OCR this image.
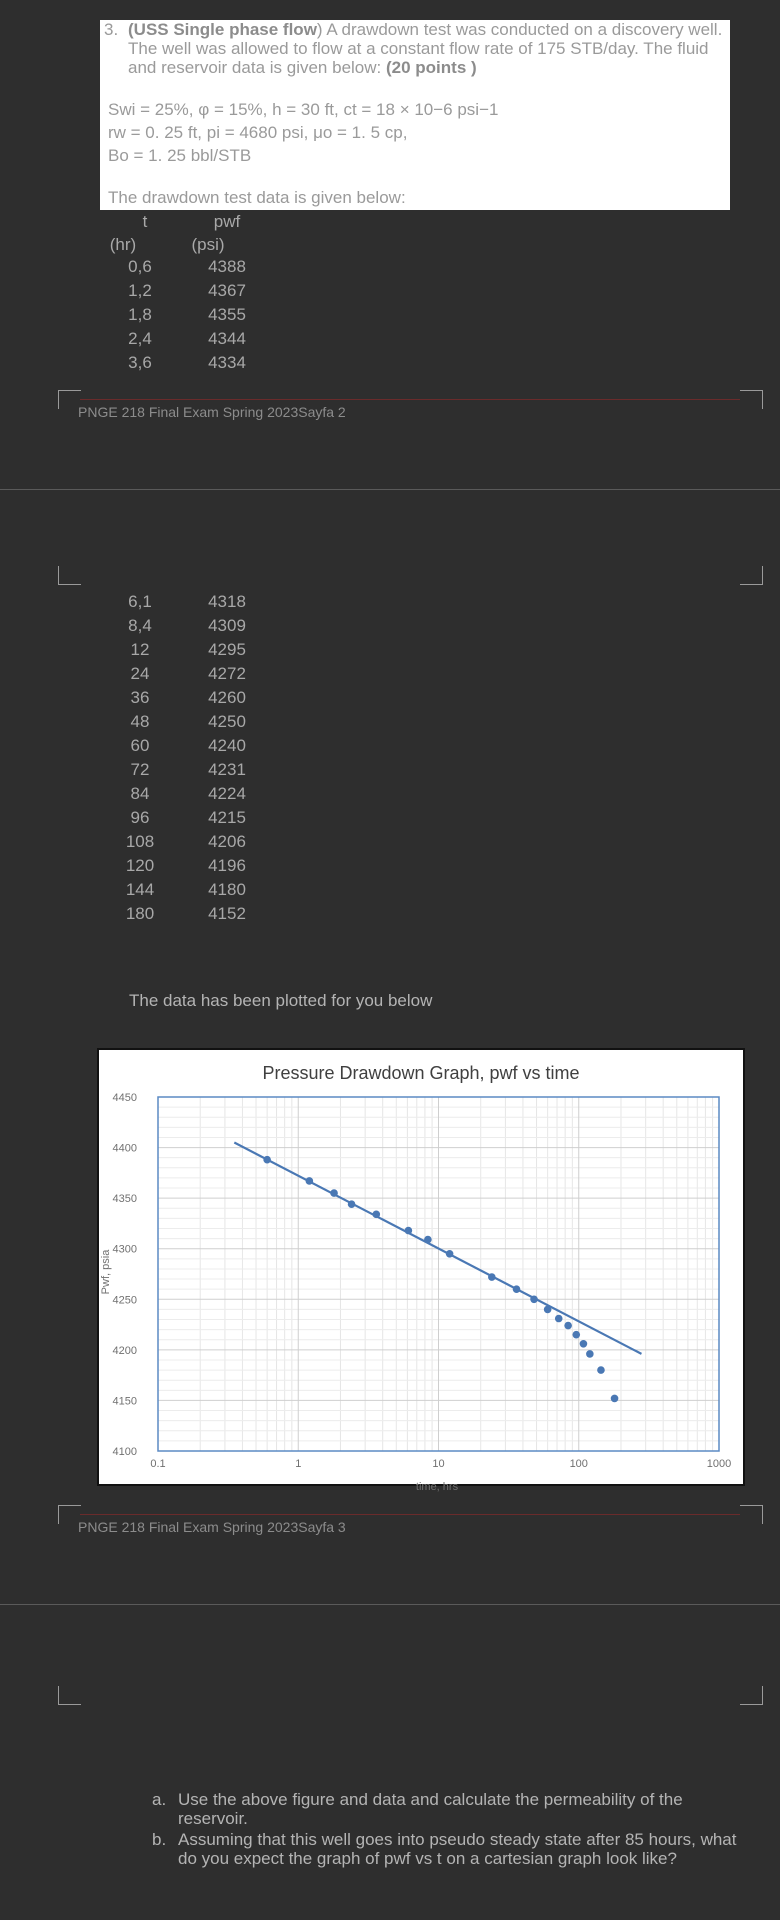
3. (USS Single phase flow) A drawdown test was conducted on a discovery well. The well was allowed to flow at a constant flow rate of 175 STB/day. The fluid and reservoir data is given below: (20 points )
Swi = 25%, φ = 15%, h = 30 ft, ct = 18 × 10−6 psi−1
rw = 0. 25 ft, pi = 4680 psi, μo = 1. 5 cp,
Bo = 1. 25 bbl/STB
The drawdown test data is given below:
t	pwf
(hr)	(psi)
0,6	4388
1,2	4367
1,8	4355
2,4	4344
3,6	4334
PNGE 218 Final Exam Spring 2023Sayfa 2
6,1	4318
8,4	4309
12	4295
24	4272
36	4260
48	4250
60	4240
72	4231
84	4224
96	4215
108	4206
120	4196
144	4180
180	4152
The data has been plotted for you below
4450
4400
4350
4300
4250
4200
4150
4100
0.1	1	10	100	1000
Pressure Drawdown Graph, pwf vs time
Pwf, psia
time, hrs
PNGE 218 Final Exam Spring 2023Sayfa 3
a. Use the above figure and data and calculate the permeability of the reservoir.
b. Assuming that this well goes into pseudo steady state after 85 hours, what do you expect the graph of pwf vs t on a cartesian graph look like?
